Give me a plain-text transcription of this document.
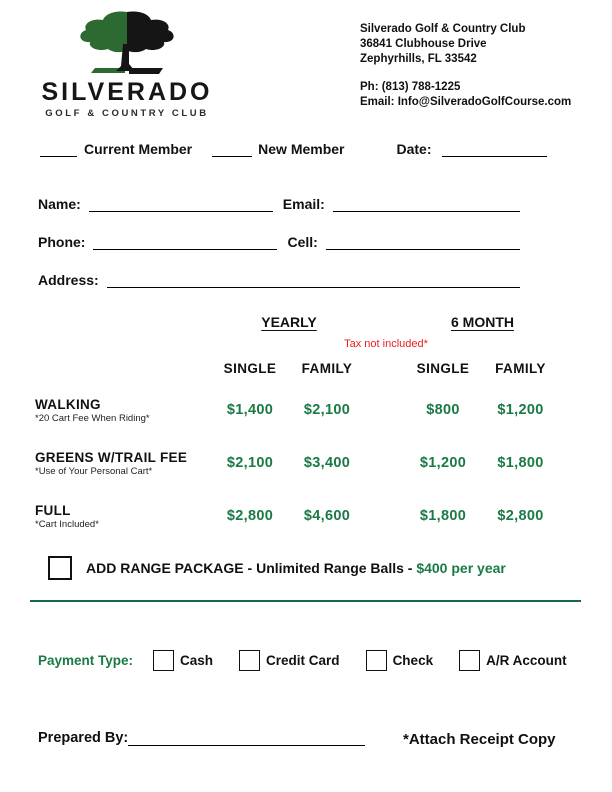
SILVERADO
GOLF & COUNTRY CLUB
Silverado Golf & Country Club
36841 Clubhouse Drive
Zephyrhills, FL 33542
Ph: (813) 788-1225
Email: Info@SilveradoGolfCourse.com
Current Member	New Member	Date:
Name:	Email:
Phone:	Cell:
Address:
YEARLY	6 MONTH
Tax not included*
SINGLE	FAMILY	SINGLE	FAMILY
WALKING
*20 Cart Fee When Riding*	$1,400	$2,100	$800	$1,200
GREENS W/TRAIL FEE
*Use of Your Personal Cart*	$2,100	$3,400	$1,200	$1,800
FULL
*Cart Included*	$2,800	$4,600	$1,800	$2,800
ADD RANGE PACKAGE - Unlimited Range Balls - $400 per year
Payment Type:	Cash	Credit Card	Check	A/R Account
Prepared By:	*Attach Receipt Copy
